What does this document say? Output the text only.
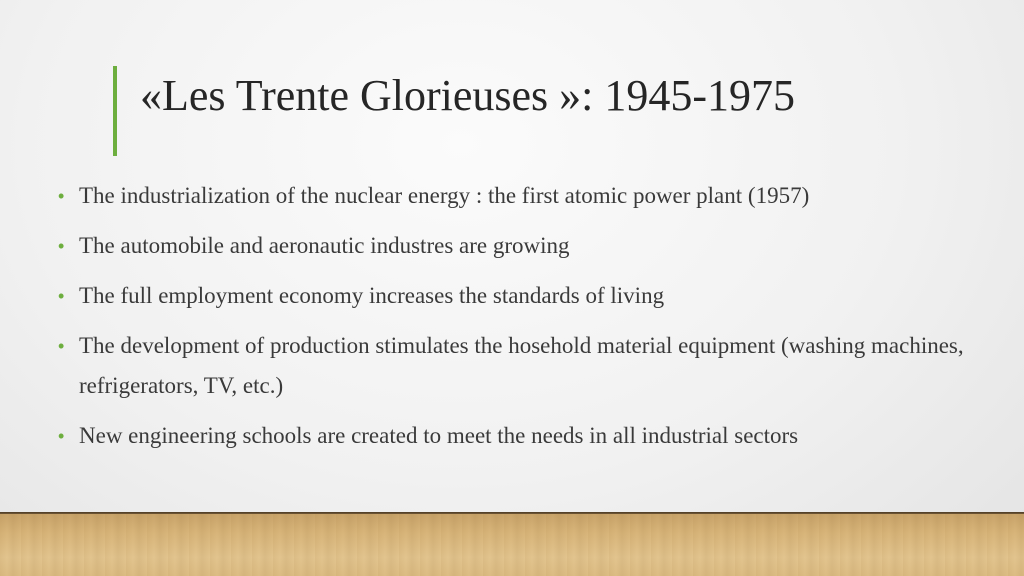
«Les Trente Glorieuses »: 1945-1975
• The industrialization of the nuclear energy : the first atomic power plant (1957)
• The automobile and aeronautic industres are growing
• The full employment economy increases the standards of living
• The development of production stimulates the hosehold material equipment (washing machines, refrigerators, TV, etc.)
• New engineering schools are created to meet the needs in all industrial sectors
